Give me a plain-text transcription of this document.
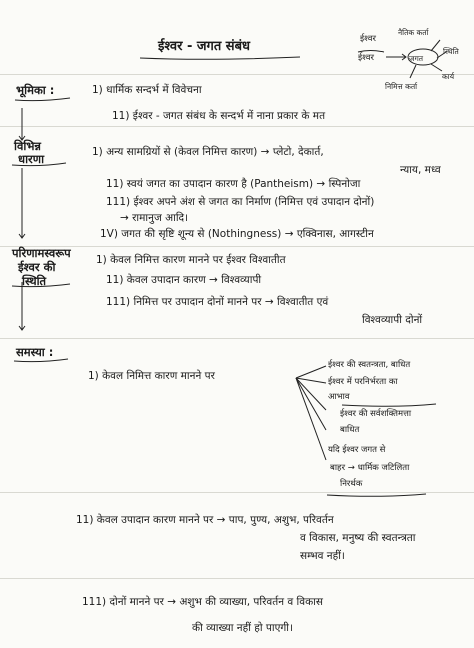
ईश्वर - जगत संबंध	ईश्वर
ईश्वर	जगत
नैतिक कर्ता
स्थिति
कार्य
निमित्त कर्ता
भूमिका :	1) धार्मिक सन्दर्भ में विवेचना
11) ईश्वर - जगत संबंध के सन्दर्भ में नाना प्रकार के मत
विभिन्न
धारणा	1) अन्य सामग्रियों से (केवल निमित्त कारण) → प्लेटो, देकार्त,
न्याय, मध्व
11) स्वयं जगत का उपादान कारण है (Pantheism) → स्पिनोजा
111) ईश्वर अपने अंश से जगत का निर्माण (निमित्त एवं उपादान दोनों)
→ रामानुज आदि।
1V) जगत की सृष्टि शून्य से (Nothingness) → एक्विनास, आगस्टीन
परिणामस्वरूप
ईश्वर की
स्थिति
1) केवल निमित्त कारण मानने पर ईश्वर विश्वातीत
11) केवल उपादान कारण → विश्वव्यापी
111) निमित्त पर उपादान दोनों मानने पर → विश्वातीत एवं
विश्वव्यापी दोनों
समस्या :
1) केवल निमित्त कारण मानने पर
ईश्वर की स्वतन्त्रता, बाधित
ईश्वर में परनिर्भरता का
आभाव
ईश्वर की सर्वशक्तिमत्ता
बाधित
यदि ईश्वर जगत से
बाहर → धार्मिक जटिलिता
निरर्थक
11) केवल उपादान कारण मानने पर → पाप, पुण्य, अशुभ, परिवर्तन
व विकास, मनुष्य की स्वतन्त्रता
सम्भव नहीं।
111) दोनों मानने पर → अशुभ की व्याख्या, परिवर्तन व विकास
की व्याख्या नहीं हो पाएगी।
